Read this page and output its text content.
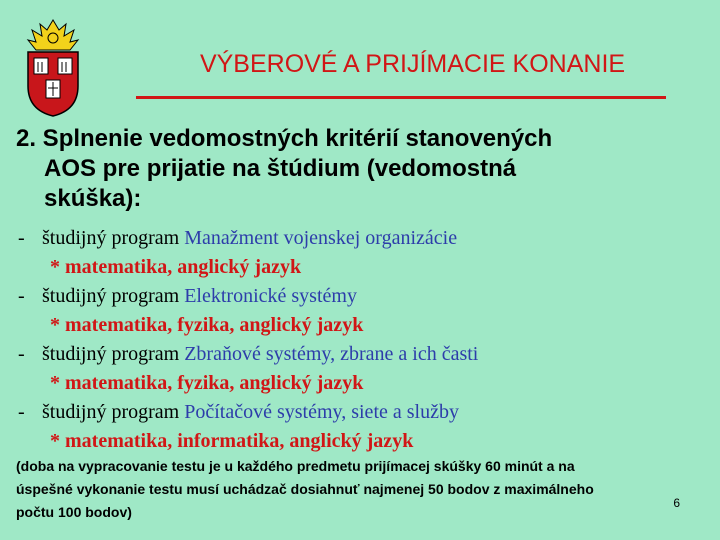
VÝBEROVÉ A PRIJÍMACIE KONANIE
2. Splnenie vedomostných kritérií stanovených
AOS pre prijatie na štúdium (vedomostná
skúška):
- študijný program Manažment vojenskej organizácie
* matematika, anglický jazyk
- študijný program Elektronické systémy
* matematika, fyzika, anglický jazyk
- študijný program Zbraňové systémy, zbrane a ich časti
* matematika, fyzika, anglický jazyk
- študijný program Počítačové systémy, siete a služby
* matematika, informatika, anglický jazyk
(doba na vypracovanie testu je u každého predmetu prijímacej skúšky 60 minút a na
úspešné vykonanie testu musí uchádzač dosiahnuť najmenej 50 bodov z maximálneho
počtu 100 bodov)
6
